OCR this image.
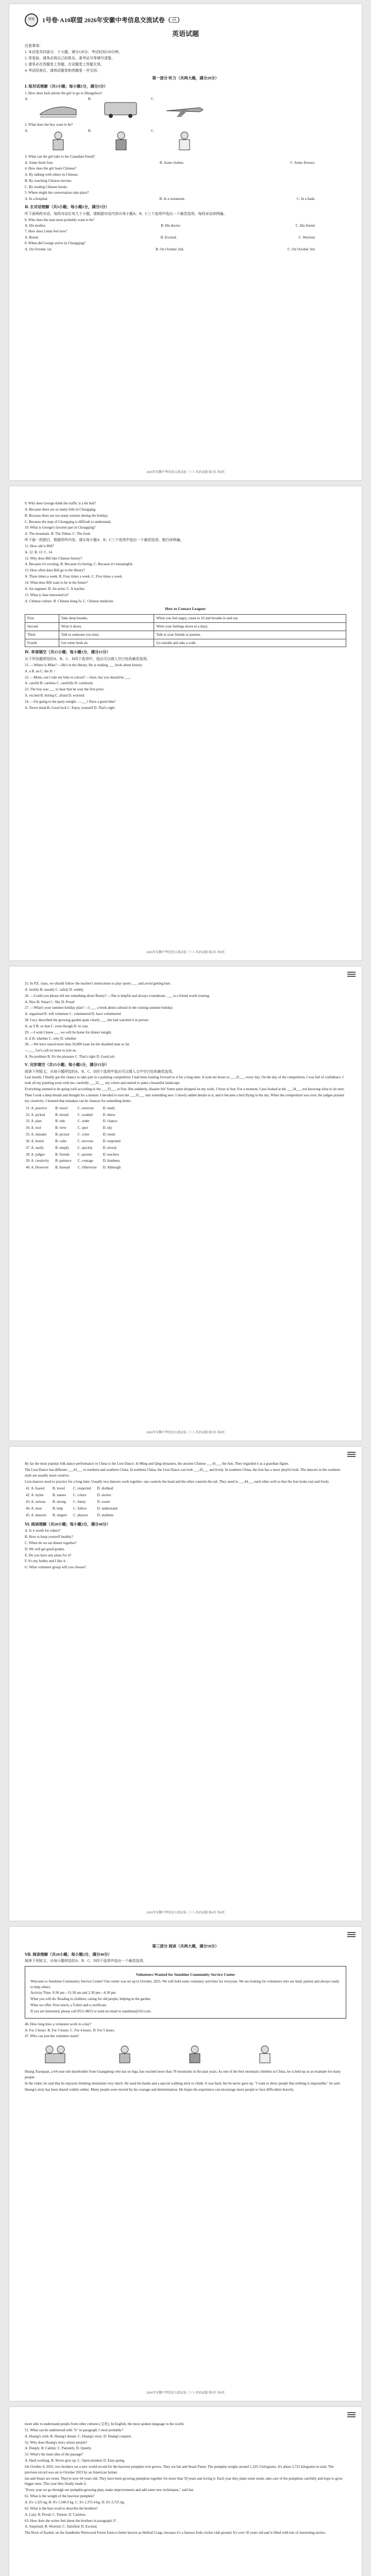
联盟	1号卷·A10联盟 2026年安徽中考信息交流试卷（三）
英语试题

注意事项：

1. 本试卷共四部分，十大题，满分120分，考试时间120分钟。

2. 答卷前，请务必将自己的姓名、准考证号等填写清楚。

3. 请务必在答题卷上答题，在试题卷上答题无效。

4. 考试结束后，请将试题卷和答题卷一并交回。

第一部分 听力（共两大题，满分20分）
Ⅰ. 短对话理解（共5小题；每小题1分，满分5分）

1. How does Jack advise the girl to go to Zhengzhou?

A.	B.	C.

2. What does the boy want to be?

A.	B.	C.

3. What can the girl take to her Canadian friend?

A. Some fresh fruit.	B. Some clothes.	C. Some flowers.

4. How does the girl learn Chinese?

A. By talking with others in Chinese.

B. By watching Chinese movies.

C. By reading Chinese books.

5. Where might the conversation take place?

A. In a hospital.	B. In a restaurant.	C. In a bank.
Ⅱ. 长对话理解（共5小题；每小题1分，满分5分）

听下面两段对话，每段对话后有几个小题，请根据对话内容从每小题A、B、C三个选项中选出一个最佳选项。每段对话读两遍。

6. Who does the man most probably want to be?

A. His mother.	B. His doctor.	C. His friend.

7. How does Linda feel now?

A. Bored.	B. Excited.	C. Worried.

8. When did George arrive in Chongqing?

A. On October 1st.	B. On October 2nd.	C. On October 3rd.
2026年安徽中考信息交流试卷（三）·英语试题 第1页 共8页

9. Why does George think the traffic is a bit bad?

A. Because there are so many hills in Chongqing.

B. Because there are too many tourists during the holiday.

C. Because the map of Chongqing is difficult to understand.

10. What is George's favorite part in Chongqing?

A. The mountain. B. The Yuhua. C. The food.

听下面一段独白，根据所听内容，请从每小题A、B、C三个选项中选出一个最佳选项。独白读两遍。

11. How old is Bill?

A. 12. B. 13. C. 14.

12. Why does Bill like Chinese history?

A. Because it's exciting. B. Because it's boring. C. Because it's meaningful.

13. How often does Bill go to the library?

A. Three times a week. B. Four times a week. C. Five times a week.

14. What does Bill want to be in the future?

A. An engineer. B. An artist. C. A teacher.

15. What is Jane interested in?

A. Chinese culture. B. Chinese kung fu. C. Chinese medicine.

How to Contact Leaguer
First	Take deep breaths.	When you feel angry, count to 10 and breathe in and out.
Second	Write it down.	Write your feelings down in a diary.
Third	Talk to someone you trust.	Talk to your friends or parents.
Fourth	Get some fresh air.	Go outside and take a walk.
Ⅳ. 单项填空（共15小题；每小题1分，满分15分）

从下列各题所给的A、B、C、D四个选项中，选出可以填入空白处的最佳选项。

21. —Where is Mike? —He's in the library. He is reading ___ book about history.

A. a B. an C. the D. /

22. —Mom, can I ride my bike to school? —Sure, but you should be ___.

A. careful B. careless C. carefully D. carelessly

23. The boy was ___ to hear that he won the first prize.

A. excited B. boring C. afraid D. worried

24. —I'm going to the party tonight. —___! Have a good time!

A. Never mind B. Good luck C. Enjoy yourself D. That's right

2026年安徽中考信息交流试卷（三）·英语试题 第2页 共8页

25. In P.E. class, we should follow the teacher's instructions to play sports ___ and avoid getting hurt.

A. luckily B. usually C. safely D. widely

26. —Could you please tell me something about Bonny? —She is helpful and always considerate. ___ is a friend worth trusting.

A. Nice B. Smart C. Shy D. Proud

27. —What's your summer holiday plan? —I ___ a book about cultural in the coming summer holiday.

A. organized B. will volunteer C. volunteered D. have volunteered

28. Lucy described the growing garden quite clearly ___ she had watched it in person.

A. as if B. so that C. even though D. in case

29. —I wish I knew ___ we will be home for dinner tonight.

A. if B. whether C. why D. whether

30. —We have raised more than 50,000 yuan for the disabled man so far.

—___. Let's call on more to join us.

A. No problem B. It's the pleasure C. That's right D. Good job

Ⅴ. 完形填空（共15小题；每小题1分，满分15分）

阅读下列短文，从每小题所给的A、B、C、D四个选项中选出可以填入文中空白处的最佳选项。

Last month, I finally got the chance to take part in a painting competition. I had been looking forward to it for a long time. It took me hours to ___31___ every day. On the day of the competition, I was full of confidence. I took all my painting tools with me, carefully ___32___ my colors and started to paint a beautiful landscape.

Everything seemed to be going well according to the ___33___ at first. But suddenly, disaster hit! Some paint dropped on my work. I froze in fear. For a moment, I just looked at the ___34___ not knowing what to do next.

Then I took a deep breath and thought for a minute. I decided to turn the ___35___ into something new. I slowly added details to it, and it became a bird flying in the sky. When the competition was over, the judges praised my creativity. I learned that mistakes can be chances for something better.

31. A. practice	B. travel	C. exercise	D. study
32. A. picked	B. mixed	C. washed	D. threw
33. A. plan	B. rule	C. order	D. chance
34. A. tool	B. view	C. spot	D. sky
35. A. mistake	B. picture	C. color	D. result
36. A. bored	B. calm	C. nervous	D. surprised
37. A. easily	B. simply	C. quickly	D. slowly
38. A. judges	B. friends	C. parents	D. teachers
39. A. creativity	B. patience	C. courage	D. kindness
40. A. However	B. Instead	C. Otherwise	D. Although
2026年安徽中考信息交流试卷（三）·英语试题 第3页 共8页

By far the most popular folk dance performance in China is the Lion Dance. In Ming and Qing dynasties, the ancient Chinese ___41___ the lion. They regarded it as a guardian figure.

The Lion Dance has different ___42___ in northern and southern China. In northern China, the Lion Dance can look ___43___ and lively. In southern China, the lion has a more playful look. The dancers in the southern style are usually more creative.

Lion dancers need to practice for a long time. Usually two dancers work together: one controls the head and the other controls the tail. They need to ___44___ each other well so that the lion looks real and lively.

41. A. feared	B. loved	C. respected	D. disliked
42. A. styles	B. names	C. colors	D. stories
43. A. serious	B. strong	C. funny	D. sweet
44. A. trust	B. help	C. follow	D. understand
45. A. dancers	B. singers	C. players	D. students
Ⅵ. 阅读理解（共20小题；每小题2分，满分40分）

A. Is it worth for others?

B. How to keep yourself healthy?

C. When do we eat dinner together?

D. We will get good grades.

E. Do you have any plans for it?

F. It's my hobby and I like it.

G. What volunteer group will you choose?

2026年安徽中考信息交流试卷（三）·英语试题 第4页 共8页
第三部分 阅读（共两大题，满分50分）
Ⅶ. 阅读理解（共20小题；每小题2分，满分40分）

阅读下列短文，从每小题所给的A、B、C、D四个选项中选出一个最佳选项。

Volunteers Wanted for Sunshine Community Service Center

Welcome to Sunshine Community Service Center! Our center was set up in October, 2025. We will hold some voluntary activities for everyone. We are looking for volunteers who are kind, patient and always ready to help others.

Activity Time: 9:30 am—11:30 am and 2:30 pm—4:30 pm

What you will do: Reading to children, caring for old people, helping in the garden.

What we offer: Free lunch, a T-shirt and a certificate.

If you are interested, please call 0551-8653 or send an email to sunshine@163.com.

46. How long does a volunteer work in a day?

A. For 2 hours. B. For 3 hours. C. For 4 hours. D. For 5 hours.

47. Who can join the volunteer team?

Huang Xiaoquan, a 64-year-old shareholder from Guangdong who has no legs, has reached more than 70 mountains in the past years. As one of the best mountain climbers in China, he is held up as an example for many people.

In the video, he said that he enjoyed climbing mountains very much. He used his hands and a special walking stick to climb. It was hard, but he never gave up. "I want to show people that nothing is impossible," he said.

Huang's story has been shared widely online. Many people were moved by his courage and determination. He hopes his experience can encourage more people to face difficulties bravely.

2026年安徽中考信息交流试卷（三）·英语试题 第5页 共8页

more able to understand people from other cultures (文化). In English, the most spoken language in the world.

51. What can be understood with "it" in paragraph 1 most probably?

A. Huang's wish. B. Huang's dream. C. Huang's story. D. Huang's request.

52. Why does Huang's story attract people?

A. Deeply. B. Calmly. C. Patiently. D. Quietly.

53. What's the main idea of the passage?

A. Hard working. B. Never give up. C. Open-minded. D. Easy-going.

On October 4, 2025, two brothers set a new world record for the heaviest pumpkin ever grown. They are Ian and Stuart Paton. The pumpkin weighs around 1,325.3 kilograms. It's about 2,725 kilograms in total. The previous record was set in October 2023 by an American farmer.

Ian and Stuart are twins. They're now 64 years old. They have been growing pumpkins together for more than 50 years and loving it. Each year they plant some seeds, take care of the pumpkins carefully and hope to grow bigger ones. This year they finally made it.

"Every year we go through our pumpkin-growing plan, make improvements and add some new techniques," said Ian.

61. What is the weight of the heaviest pumpkin?

A. It's 1,325 kg. B. It's 1,346.9 kg. C. It's 1,375.4 kg. D. It's 2,725 kg.

62. What is the best word to describe the brothers?

A. Lazy. B. Proud. C. Patient. D. Careless.

63. How does the writer feel about the brothers in paragraph 3?

A. Surprised. B. Worried. C. Satisfied. D. Excited.

The Rock of Kashel, on the Sandholm Westwood Forest Farm is better known as Hellrail Crags, because it's a famous Irish cricket club ground. It's over 50 years old and is filled with lots of interesting stories.
